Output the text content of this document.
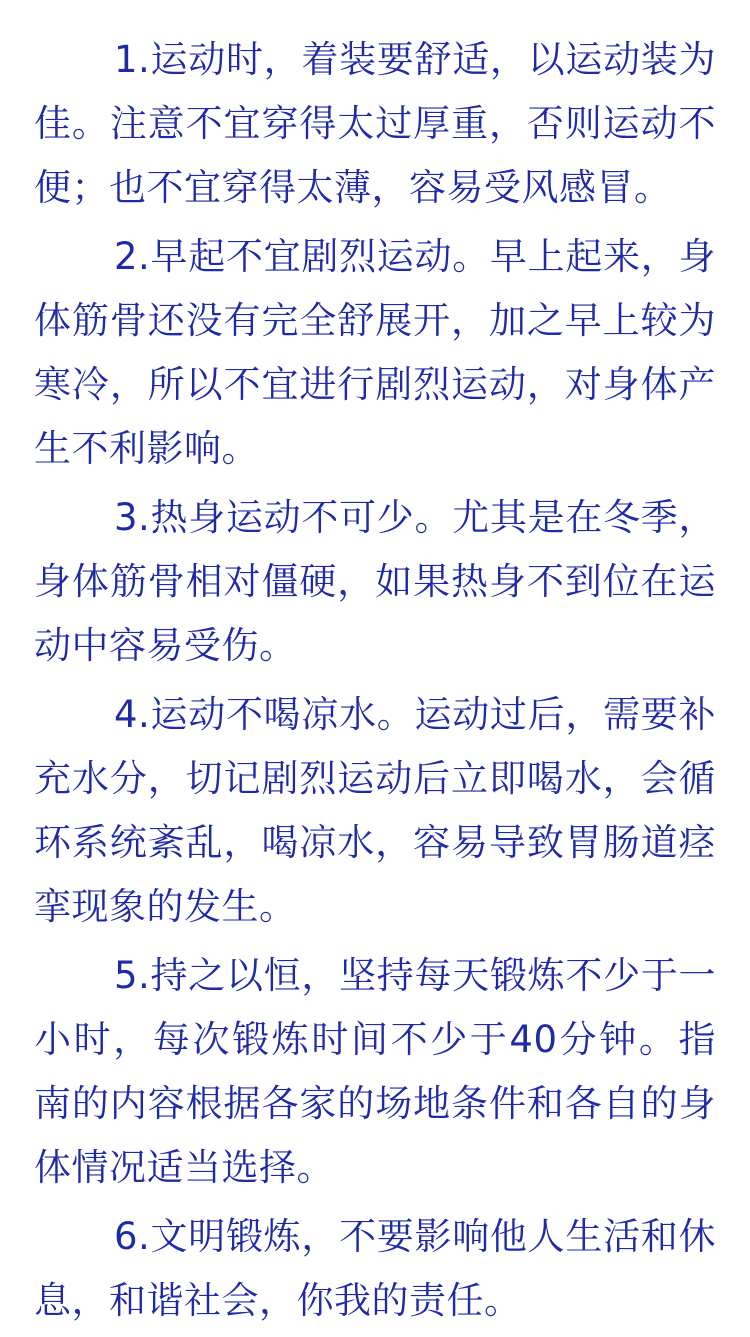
1.运动时，着装要舒适，以运动装为佳。注意不宜穿得太过厚重，否则运动不便；也不宜穿得太薄，容易受风感冒。

2.早起不宜剧烈运动。早上起来，身体筋骨还没有完全舒展开，加之早上较为寒冷，所以不宜进行剧烈运动，对身体产生不利影响。

3.热身运动不可少。尤其是在冬季，身体筋骨相对僵硬，如果热身不到位在运动中容易受伤。

4.运动不喝凉水。运动过后，需要补充水分，切记剧烈运动后立即喝水，会循环系统紊乱，喝凉水，容易导致胃肠道痉挛现象的发生。

5.持之以恒，坚持每天锻炼不少于一小时，每次锻炼时间不少于40分钟。指南的内容根据各家的场地条件和各自的身体情况适当选择。

6.文明锻炼，不要影响他人生活和休息，和谐社会，你我的责任。
